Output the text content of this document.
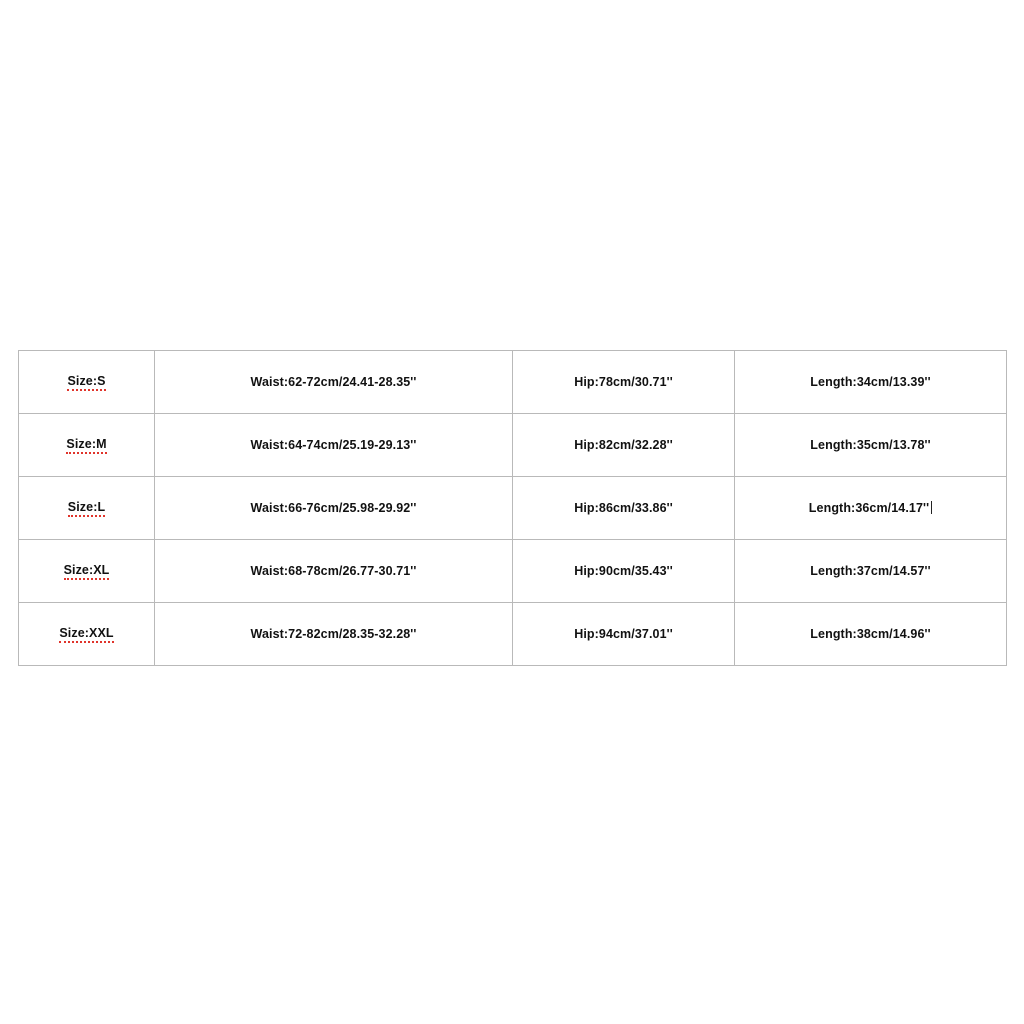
Size:S	Waist:62-72cm/24.41-28.35''	Hip:78cm/30.71''	Length:34cm/13.39''
Size:M	Waist:64-74cm/25.19-29.13''	Hip:82cm/32.28''	Length:35cm/13.78''
Size:L	Waist:66-76cm/25.98-29.92''	Hip:86cm/33.86''	Length:36cm/14.17''
Size:XL	Waist:68-78cm/26.77-30.71''	Hip:90cm/35.43''	Length:37cm/14.57''
Size:XXL	Waist:72-82cm/28.35-32.28''	Hip:94cm/37.01''	Length:38cm/14.96''
